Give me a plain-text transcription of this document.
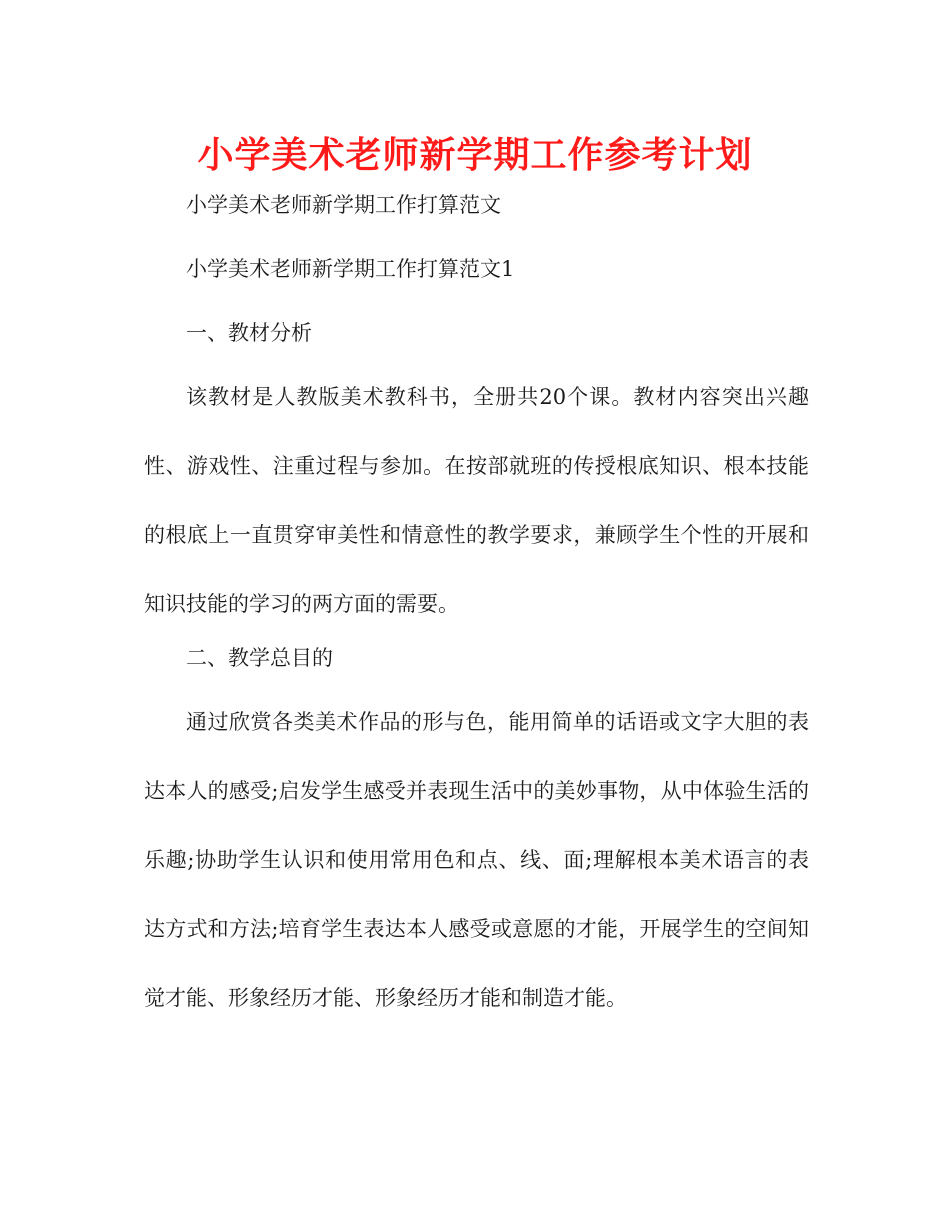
小学美术老师新学期工作参考计划

小学美术老师新学期工作打算范文

小学美术老师新学期工作打算范文1

一、教材分析

该教材是人教版美术教科书，全册共20个课。教材内容突出兴趣性、游戏性、注重过程与参加。在按部就班的传授根底知识、根本技能的根底上一直贯穿审美性和情意性的教学要求，兼顾学生个性的开展和知识技能的学习的两方面的需要。

二、教学总目的

通过欣赏各类美术作品的形与色，能用简单的话语或文字大胆的表达本人的感受;启发学生感受并表现生活中的美妙事物，从中体验生活的乐趣;协助学生认识和使用常用色和点、线、面;理解根本美术语言的表达方式和方法;培育学生表达本人感受或意愿的才能，开展学生的空间知觉才能、形象经历才能、形象经历才能和制造才能。
